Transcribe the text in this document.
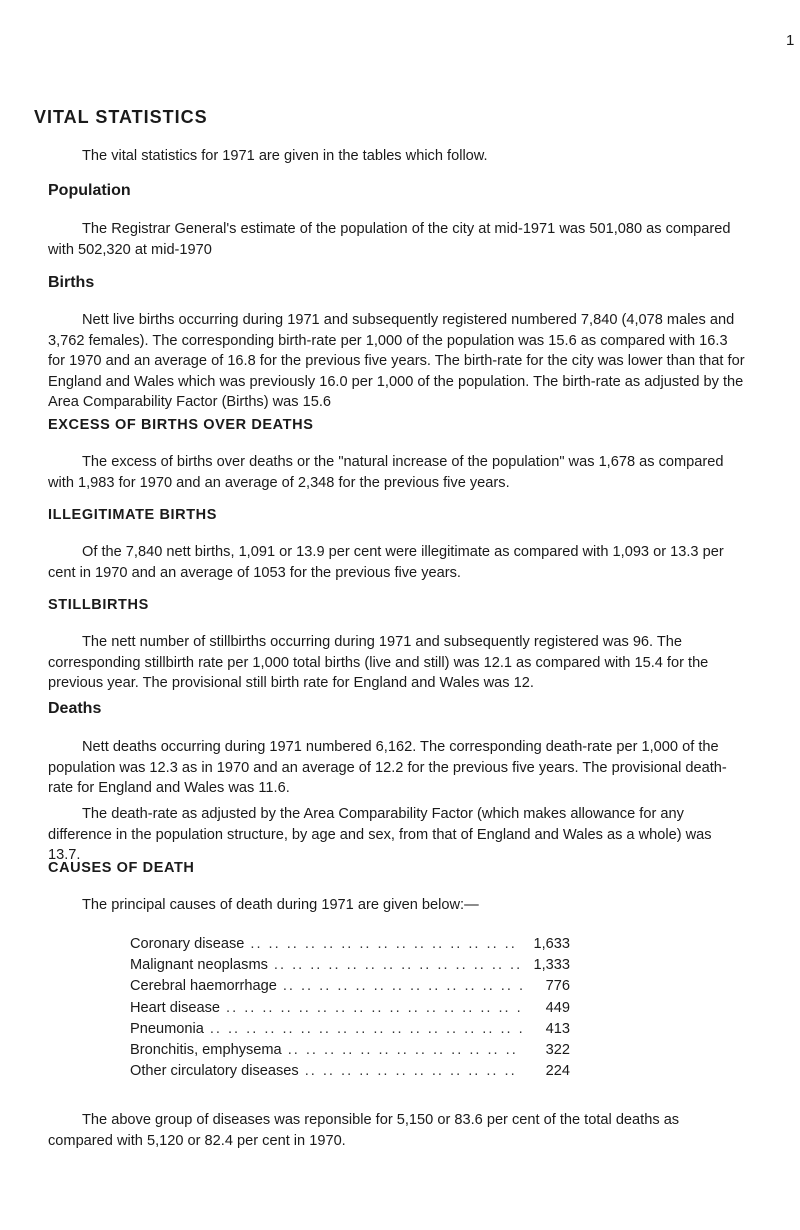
1
VITAL STATISTICS

The vital statistics for 1971 are given in the tables which follow.

Population

The Registrar General's estimate of the population of the city at mid-1971 was 501,080 as compared with 502,320 at mid-1970

Births

Nett live births occurring during 1971 and subsequently registered numbered 7,840 (4,078 males and 3,762 females). The corresponding birth-rate per 1,000 of the population was 15.6 as compared with 16.3 for 1970 and an average of 16.8 for the previous five years. The birth-rate for the city was lower than that for England and Wales which was previously 16.0 per 1,000 of the population. The birth-rate as adjusted by the Area Comparability Factor (Births) was 15.6

EXCESS OF BIRTHS OVER DEATHS

The excess of births over deaths or the "natural increase of the population" was 1,678 as compared with 1,983 for 1970 and an average of 2,348 for the previous five years.

ILLEGITIMATE BIRTHS

Of the 7,840 nett births, 1,091 or 13.9 per cent were illegitimate as compared with 1,093 or 13.3 per cent in 1970 and an average of 1053 for the previous five years.

STILLBIRTHS

The nett number of stillbirths occurring during 1971 and subsequently registered was 96. The corresponding stillbirth rate per 1,000 total births (live and still) was 12.1 as compared with 15.4 for the previous year. The provisional still birth rate for England and Wales was 12.

Deaths

Nett deaths occurring during 1971 numbered 6,162. The corresponding death-rate per 1,000 of the population was 12.3 as in 1970 and an average of 12.2 for the previous five years. The provisional death-rate for England and Wales was 11.6.

The death-rate as adjusted by the Area Comparability Factor (which makes allowance for any difference in the population structure, by age and sex, from that of England and Wales as a whole) was 13.7.

CAUSES OF DEATH

The principal causes of death during 1971 are given below:—

Coronary disease .. ..	1,633
Malignant neoplasms .. ..	1,333
Cerebral haemorrhage .. ..	776
Heart disease .. ..	449
Pneumonia .. ..	413
Bronchitis, emphysema .. ..	322
Other circulatory diseases .. ..	224

The above group of diseases was reponsible for 5,150 or 83.6 per cent of the total deaths as compared with 5,120 or 82.4 per cent in 1970.
